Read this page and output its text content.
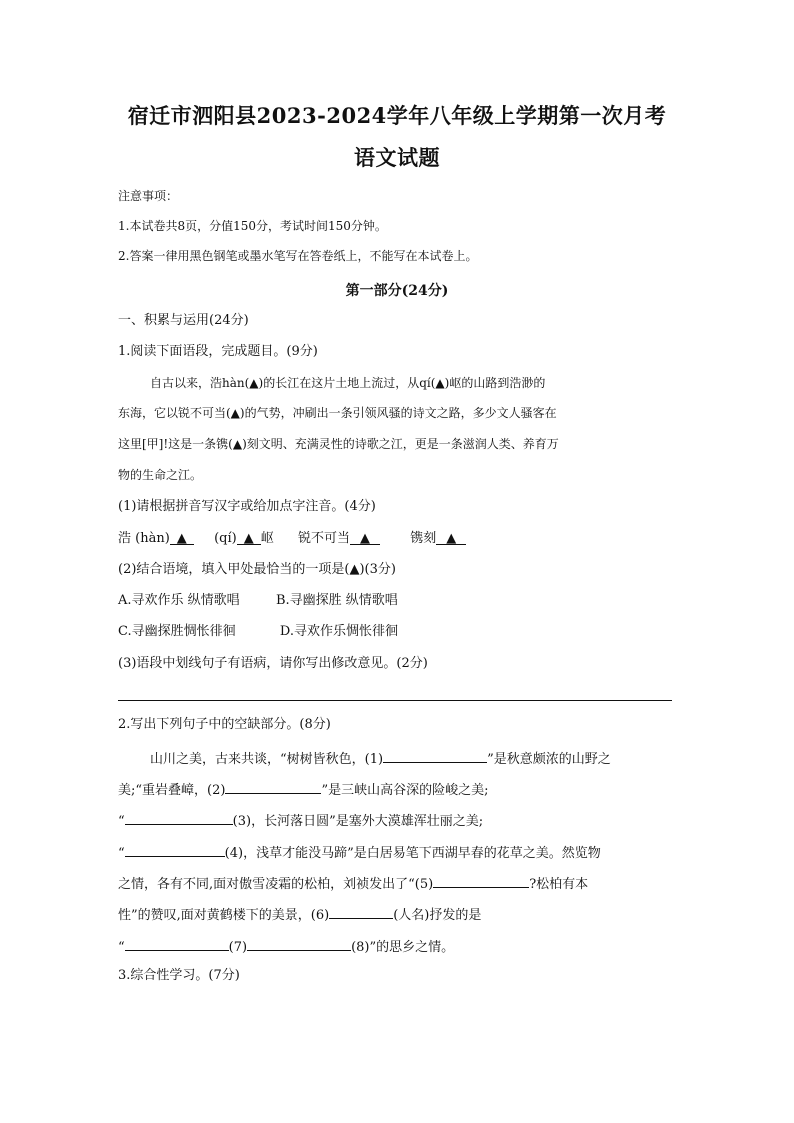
宿迁市泗阳县2023-2024学年八年级上学期第一次月考
语文试题
注意事项：
1.本试卷共8页，分值150分，考试时间150分钟。
2.答案一律用黑色钢笔或墨水笔写在答卷纸上，不能写在本试卷上。
第一部分(24分)
一、积累与运用(24分)
1.阅读下面语段，完成题目。(9分)
自古以来，浩hàn(▲)的长江在这片土地上流过，从qí(▲)岖的山路到浩渺的
东海，它以锐不可当(▲)的气势，冲刷出一条引领风骚的诗文之路，多少文人骚客在
这里[甲]!这是一条镌(▲)刻文明、充满灵性的诗歌之江，更是一条滋润人类、养育万
物的生命之江。
(1)请根据拼音写汉字或给加点字注音。(4分)
浩 (hàn) ▲ (qí) ▲ 岖 锐不可当 ▲	镌刻 ▲
(2)结合语境，填入甲处最恰当的一项是(▲)(3分)
A.寻欢作乐 纵情歌唱	B.寻幽探胜 纵情歌唱
C.寻幽探胜惆怅徘徊	D.寻欢作乐惆怅徘徊
(3)语段中划线句子有语病，请你写出修改意见。(2分)
2.写出下列句子中的空缺部分。(8分)
山川之美，古来共谈，“树树皆秋色，(1)	”是秋意颇浓的山野之
美;“重岩叠嶂，(2)	”是三峡山高谷深的险峻之美;
“	(3)，长河落日圆”是塞外大漠雄浑壮丽之美;
“	(4)，浅草才能没马蹄”是白居易笔下西湖早春的花草之美。然览物
之情，各有不同,面对傲雪凌霜的松柏，刘祯发出了“(5)	?松柏有本
性”的赞叹,面对黄鹤楼下的美景，(6)	(人名)抒发的是
“	(7)	(8)”的思乡之情。
3.综合性学习。(7分)
